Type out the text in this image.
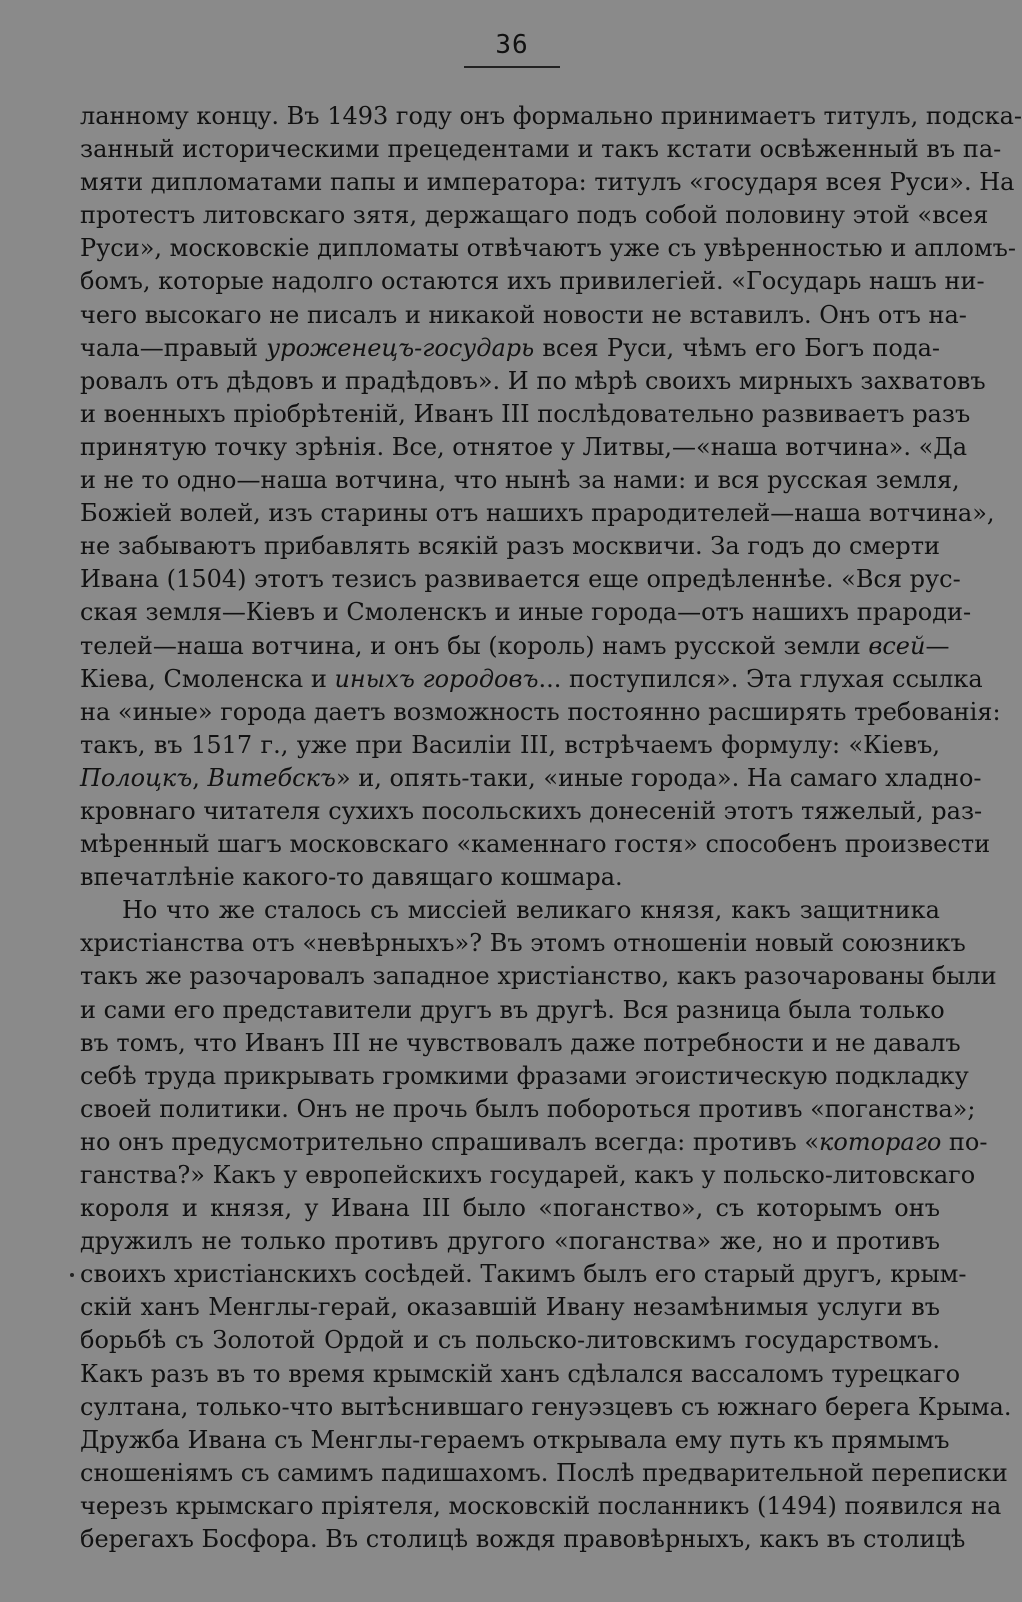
36
ланному концу. Въ 1493 году онъ формально принимаетъ титулъ, подска-
занный историческими прецедентами и такъ кстати освѣженный въ па-
мяти дипломатами папы и императора: титулъ «государя всея Руси». На
протестъ литовскаго зятя, держащаго подъ собой половину этой «всея
Руси», московскіе дипломаты отвѣчаютъ уже съ увѣренностью и апломъ-
бомъ, которые надолго остаются ихъ привилегіей. «Государь нашъ ни-
чего высокаго не писалъ и никакой новости не вставилъ. Онъ отъ на-
чала—правый уроженецъ-государь всея Руси, чѣмъ его Богъ пода-
ровалъ отъ дѣдовъ и прадѣдовъ». И по мѣрѣ своихъ мирныхъ захватовъ
и военныхъ пріобрѣтеній, Иванъ III послѣдовательно развиваетъ разъ
принятую точку зрѣнія. Все, отнятое у Литвы,—«наша вотчина». «Да
и не то одно—наша вотчина, что нынѣ за нами: и вся русская земля,
Божіей волей, изъ старины отъ нашихъ прародителей—наша вотчина»,
не забываютъ прибавлять всякій разъ москвичи. За годъ до смерти
Ивана (1504) этотъ тезисъ развивается еще опредѣленнѣе. «Вся рус-
ская земля—Кіевъ и Смоленскъ и иные города—отъ нашихъ прароди-
телей—наша вотчина, и онъ бы (король) намъ русской земли всей—
Кіева, Смоленска и иныхъ городовъ... поступился». Эта глухая ссылка
на «иные» города даетъ возможность постоянно расширять требованія:
такъ, въ 1517 г., уже при Василіи III, встрѣчаемъ формулу: «Кіевъ,
Полоцкъ, Витебскъ» и, опять-таки, «иные города». На самаго хладно-
кровнаго читателя сухихъ посольскихъ донесеній этотъ тяжелый, раз-
мѣренный шагъ московскаго «каменнаго гостя» способенъ произвести
впечатлѣніе какого-то давящаго кошмара.
Но что же сталось съ миссіей великаго князя, какъ защитника
христіанства отъ «невѣрныхъ»? Въ этомъ отношеніи новый союзникъ
такъ же разочаровалъ западное христіанство, какъ разочарованы были
и сами его представители другъ въ другѣ. Вся разница была только
въ томъ, что Иванъ III не чувствовалъ даже потребности и не давалъ
себѣ труда прикрывать громкими фразами эгоистическую подкладку
своей политики. Онъ не прочь былъ побороться противъ «поганства»;
но онъ предусмотрительно спрашивалъ всегда: противъ «котораго по-
ганства?» Какъ у европейскихъ государей, какъ у польско-литовскаго
короля и князя, у Ивана III было «поганство», съ которымъ онъ
дружилъ не только противъ другого «поганства» же, но и противъ
своихъ христіанскихъ сосѣдей. Такимъ былъ его старый другъ, крым-
скій ханъ Менглы-герай, оказавшій Ивану незамѣнимыя услуги въ
борьбѣ съ Золотой Ордой и съ польско-литовскимъ государствомъ.
Какъ разъ въ то время крымскій ханъ сдѣлался вассаломъ турецкаго
султана, только-что вытѣснившаго генуэзцевъ съ южнаго берега Крыма.
Дружба Ивана съ Менглы-гераемъ открывала ему путь къ прямымъ
сношеніямъ съ самимъ падишахомъ. Послѣ предварительной переписки
черезъ крымскаго пріятеля, московскій посланникъ (1494) появился на
берегахъ Босфора. Въ столицѣ вождя правовѣрныхъ, какъ въ столицѣ
